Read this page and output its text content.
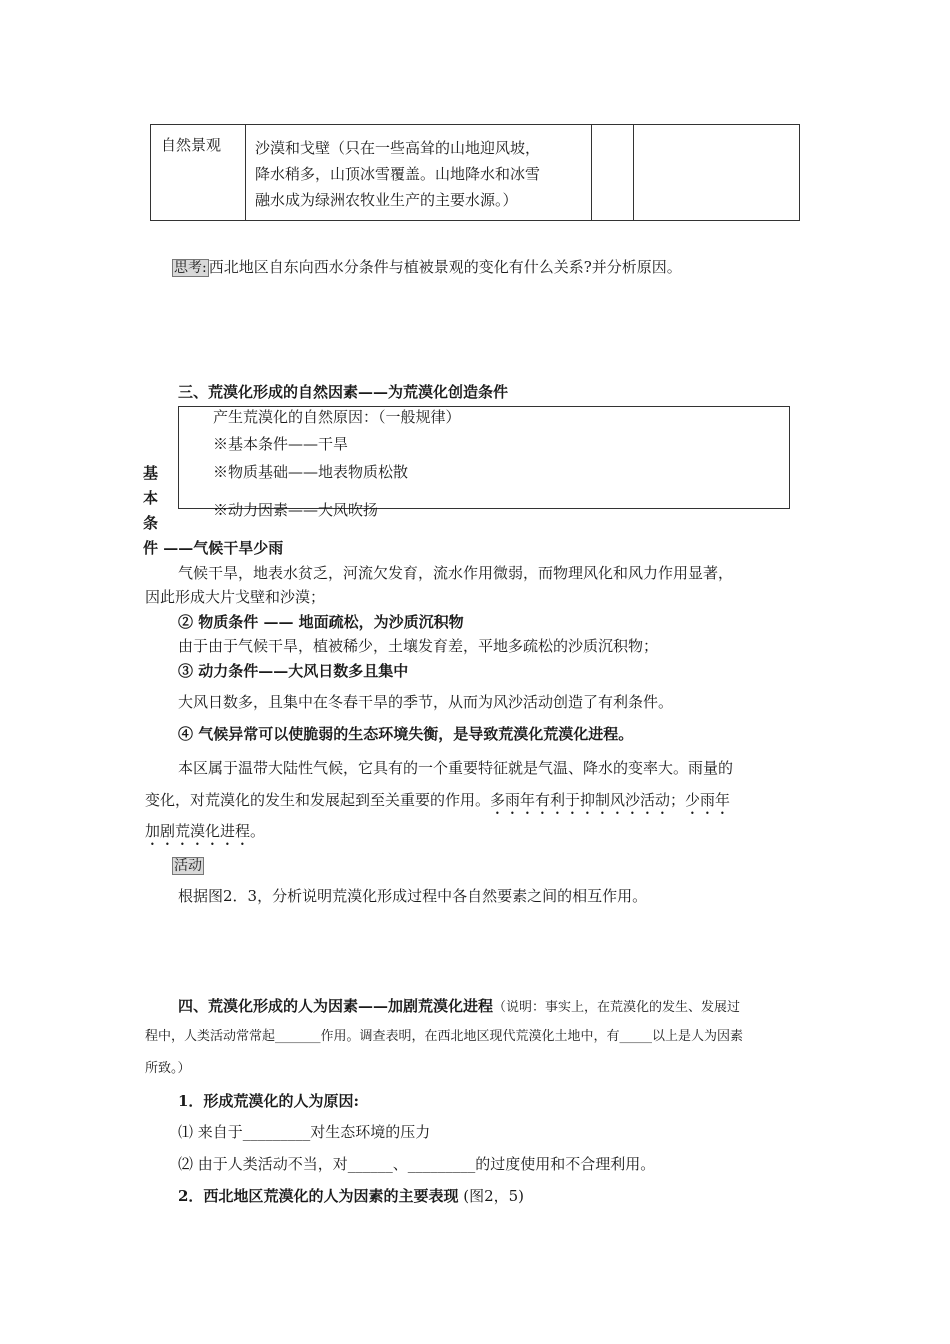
自然景观 沙漠和戈壁（只在一些高耸的山地迎风坡，
降水稍多，山顶冰雪覆盖。山地降水和冰雪
融水成为绿洲农牧业生产的主要水源。）
思考: 西北地区自东向西水分条件与植被景观的变化有什么关系?并分析原因。
三、荒漠化形成的自然因素——为荒漠化创造条件
产生荒漠化的自然原因：（一般规律）
※基本条件——干旱
※物质基础——地表物质松散
※动力因素——大风吹扬
基
本
条
件 ——气候干旱少雨
气候干旱，地表水贫乏，河流欠发育，流水作用微弱，而物理风化和风力作用显著，
因此形成大片戈壁和沙漠；
② 物质条件 —— 地面疏松，为沙质沉积物
由于由于气候干旱，植被稀少，土壤发育差，平地多疏松的沙质沉积物；
③ 动力条件——大风日数多且集中
大风日数多，且集中在冬春干旱的季节，从而为风沙活动创造了有利条件。
④ 气候异常可以使脆弱的生态环境失衡，是导致荒漠化荒漠化进程。
本区属于温带大陆性气候，它具有的一个重要特征就是气温、降水的变率大。雨量的
变化，对荒漠化的发生和发展起到至关重要的作用。多雨年有利于抑制风沙活动；少雨年
加剧荒漠化进程。
活动
根据图2．3，分析说明荒漠化形成过程中各自然要素之间的相互作用。
四、荒漠化形成的人为因素——加剧荒漠化进程（说明：事实上，在荒漠化的发生、发展过
程中，人类活动常常起_______作用。调查表明，在西北地区现代荒漠化土地中，有_____以上是人为因素
所致。）
1．形成荒漠化的人为原因:
⑴ 来自于_________对生态环境的压力
⑵ 由于人类活动不当，对______、_________的过度使用和不合理利用。
2．西北地区荒漠化的人为因素的主要表现 (图2，5)
